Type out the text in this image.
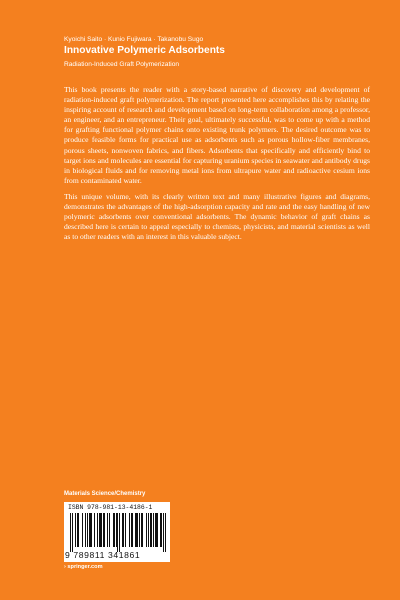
Kyoichi Saito · Kunio Fujiwara · Takanobu Sugo
Innovative Polymeric Adsorbents
Radiation-Induced Graft Polymerization

This book presents the reader with a story-based narrative of discovery and development of radiation-induced graft polymerization. The report presented here accomplishes this by relating the inspiring account of research and development based on long-term collaboration among a professor, an engineer, and an entrepreneur. Their goal, ultimately successful, was to come up with a method for grafting functional polymer chains onto existing trunk polymers. The desired outcome was to produce feasible forms for practical use as adsorbents such as porous hollow-fiber membranes, porous sheets, nonwoven fabrics, and fibers. Adsorbents that specifically and efficiently bind to target ions and molecules are essential for capturing uranium species in seawater and antibody drugs in biological fluids and for removing metal ions from ultrapure water and radioactive cesium ions from contaminated water.

This unique volume, with its clearly written text and many illustrative figures and diagrams, demonstrates the advantages of the high-adsorption capacity and rate and the easy handling of new polymeric adsorbents over conventional adsorbents. The dynamic behavior of graft chains as described here is certain to appeal especially to chemists, physicists, and material scientists as well as to other readers with an interest in this valuable subject.

Materials Science/Chemistry
ISBN 978-981-13-4186-1
9 789811 341861
› springer.com
